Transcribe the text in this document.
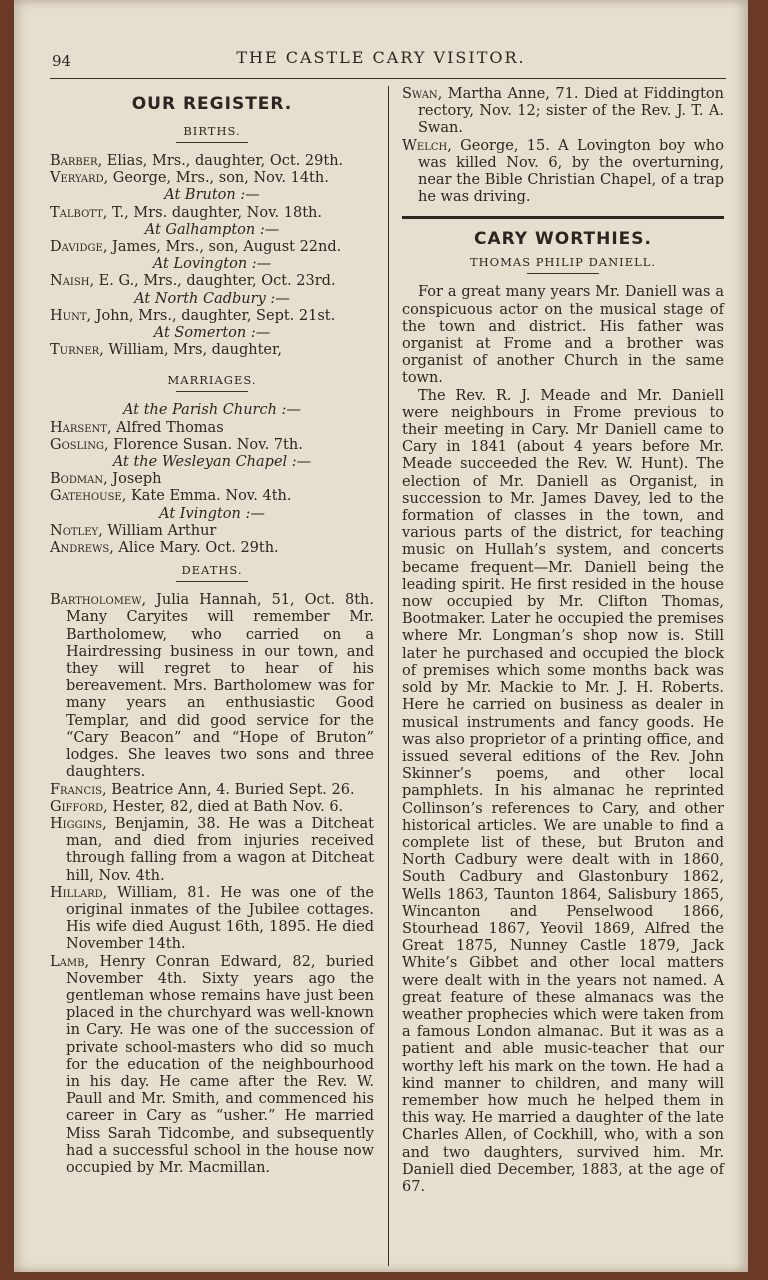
94	THE CASTLE CARY VISITOR.
OUR REGISTER.
BIRTHS.
Barber, Elias, Mrs., daughter, Oct. 29th.
Veryard, George, Mrs., son, Nov. 14th.
At Bruton :—
Talbott, T., Mrs. daughter, Nov. 18th.
At Galhampton :—
Davidge, James, Mrs., son, August 22nd.
At Lovington :—
Naish, E. G., Mrs., daughter, Oct. 23rd.
At North Cadbury :—
Hunt, John, Mrs., daughter, Sept. 21st.
At Somerton :—
Turner, William, Mrs, daughter,
MARRIAGES.
At the Parish Church :—
Harsent, Alfred Thomas
Gosling, Florence Susan. Nov. 7th.
At the Wesleyan Chapel :—
Bodman, Joseph
Gatehouse, Kate Emma. Nov. 4th.
At Ivington :—
Notley, William Arthur
Andrews, Alice Mary. Oct. 29th.
DEATHS.
Bartholomew, Julia Hannah, 51, Oct. 8th. Many Caryites will remember Mr. Bartholomew, who carried on a Hairdressing business in our town, and they will regret to hear of his bereavement. Mrs. Bartholomew was for many years an enthusiastic Good Templar, and did good service for the “Cary Beacon” and “Hope of Bruton” lodges. She leaves two sons and three daughters.
Francis, Beatrice Ann, 4. Buried Sept. 26.
Gifford, Hester, 82, died at Bath Nov. 6.
Higgins, Benjamin, 38. He was a Ditcheat man, and died from injuries received through falling from a wagon at Ditcheat hill, Nov. 4th.
Hillard, William, 81. He was one of the original inmates of the Jubilee cottages. His wife died August 16th, 1895. He died November 14th.
Lamb, Henry Conran Edward, 82, buried November 4th. Sixty years ago the gentleman whose remains have just been placed in the churchyard was well-known in Cary. He was one of the succession of private school-masters who did so much for the education of the neighbourhood in his day. He came after the Rev. W. Paull and Mr. Smith, and commenced his career in Cary as “usher.” He married Miss Sarah Tidcombe, and subsequently had a successful school in the house now occupied by Mr. Macmillan.
Swan, Martha Anne, 71. Died at Fiddington rectory, Nov. 12; sister of the Rev. J. T. A. Swan.
Welch, George, 15. A Lovington boy who was killed Nov. 6, by the overturning, near the Bible Christian Chapel, of a trap he was driving.
CARY WORTHIES.
THOMAS PHILIP DANIELL.

For a great many years Mr. Daniell was a conspicuous actor on the musical stage of the town and district. His father was organist at Frome and a brother was organist of another Church in the same town.

The Rev. R. J. Meade and Mr. Daniell were neighbours in Frome previous to their meeting in Cary. Mr Daniell came to Cary in 1841 (about 4 years before Mr. Meade succeeded the Rev. W. Hunt). The election of Mr. Daniell as Organist, in succession to Mr. James Davey, led to the formation of classes in the town, and various parts of the district, for teaching music on Hullah’s system, and concerts became frequent—Mr. Daniell being the leading spirit. He first resided in the house now occupied by Mr. Clifton Thomas, Bootmaker. Later he occupied the premises where Mr. Longman’s shop now is. Still later he purchased and occupied the block of premises which some months back was sold by Mr. Mackie to Mr. J. H. Roberts. Here he carried on business as dealer in musical instruments and fancy goods. He was also proprietor of a printing office, and issued several editions of the Rev. John Skinner’s poems, and other local pamphlets. In his almanac he reprinted Collinson’s references to Cary, and other historical articles. We are unable to find a complete list of these, but Bruton and North Cadbury were dealt with in 1860, South Cadbury and Glastonbury 1862, Wells 1863, Taunton 1864, Salisbury 1865, Wincanton and Penselwood 1866, Stourhead 1867, Yeovil 1869, Alfred the Great 1875, Nunney Castle 1879, Jack White’s Gibbet and other local matters were dealt with in the years not named. A great feature of these almanacs was the weather prophecies which were taken from a famous London almanac. But it was as a patient and able music-teacher that our worthy left his mark on the town. He had a kind manner to children, and many will remember how much he helped them in this way. He married a daughter of the late Charles Allen, of Cockhill, who, with a son and two daughters, survived him. Mr. Daniell died December, 1883, at the age of 67.
